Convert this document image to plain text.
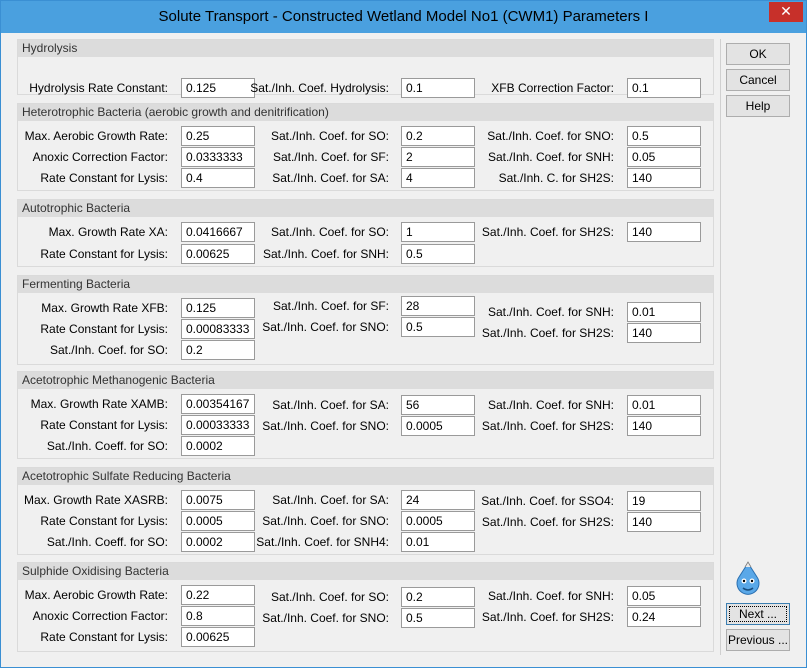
Solute Transport - Constructed Wetland Model No1 (CWM1) Parameters I	✕
Hydrolysis
Hydrolysis Rate Constant:
0.125	Sat./Inh. Coef. Hydrolysis:
0.1	XFB Correction Factor:
0.1
Heterotrophic Bacteria (aerobic growth and denitrification)
Max. Aerobic Growth Rate:
0.25
Anoxic Correction Factor:
0.0333333
Rate Constant for Lysis:
0.4
Sat./Inh. Coef. for SO:
0.2
Sat./Inh. Coef. for SF:
2
Sat./Inh. Coef. for SA:
4
Sat./Inh. Coef. for SNO:
0.5
Sat./Inh. Coef. for SNH:
0.05
Sat./Inh. C. for SH2S:
140
Autotrophic Bacteria
Max. Growth Rate XA:
0.0416667
Rate Constant for Lysis:
0.00625
Sat./Inh. Coef. for SO:
1
Sat./Inh. Coef. for SNH:
0.5
Sat./Inh. Coef. for SH2S:
140
Fermenting Bacteria
Max. Growth Rate XFB:
0.125
Rate Constant for Lysis:
0.000833333
Sat./Inh. Coef. for SO:
0.2
Sat./Inh. Coef. for SF:
28
Sat./Inh. Coef. for SNO:
0.5
Sat./Inh. Coef. for SNH:
0.01
Sat./Inh. Coef. for SH2S:
140
Acetotrophic Methanogenic Bacteria
Max. Growth Rate XAMB:
0.00354167
Rate Constant for Lysis:
0.000333333
Sat./Inh. Coeff. for SO:
0.0002
Sat./Inh. Coef. for SA:
56
Sat./Inh. Coef. for SNO:
0.0005
Sat./Inh. Coef. for SNH:
0.01
Sat./Inh. Coef. for SH2S:
140
Acetotrophic Sulfate Reducing Bacteria
Max. Growth Rate XASRB:
0.0075
Rate Constant for Lysis:
0.0005
Sat./Inh. Coeff. for SO:
0.0002
Sat./Inh. Coef. for SA:
24
Sat./Inh. Coef. for SNO:
0.0005
Sat./Inh. Coef. for SNH4:
0.01
Sat./Inh. Coef. for SSO4:
19
Sat./Inh. Coef. for SH2S:
140
Sulphide Oxidising Bacteria
Max. Aerobic Growth Rate:
0.22
Anoxic Correction Factor:
0.8
Rate Constant for Lysis:
0.00625
Sat./Inh. Coef. for SO:
0.2
Sat./Inh. Coef. for SNO:
0.5
Sat./Inh. Coef. for SNH:
0.05
Sat./Inh. Coef. for SH2S:
0.24
OK
Cancel
Help
Next ...
Previous ...
